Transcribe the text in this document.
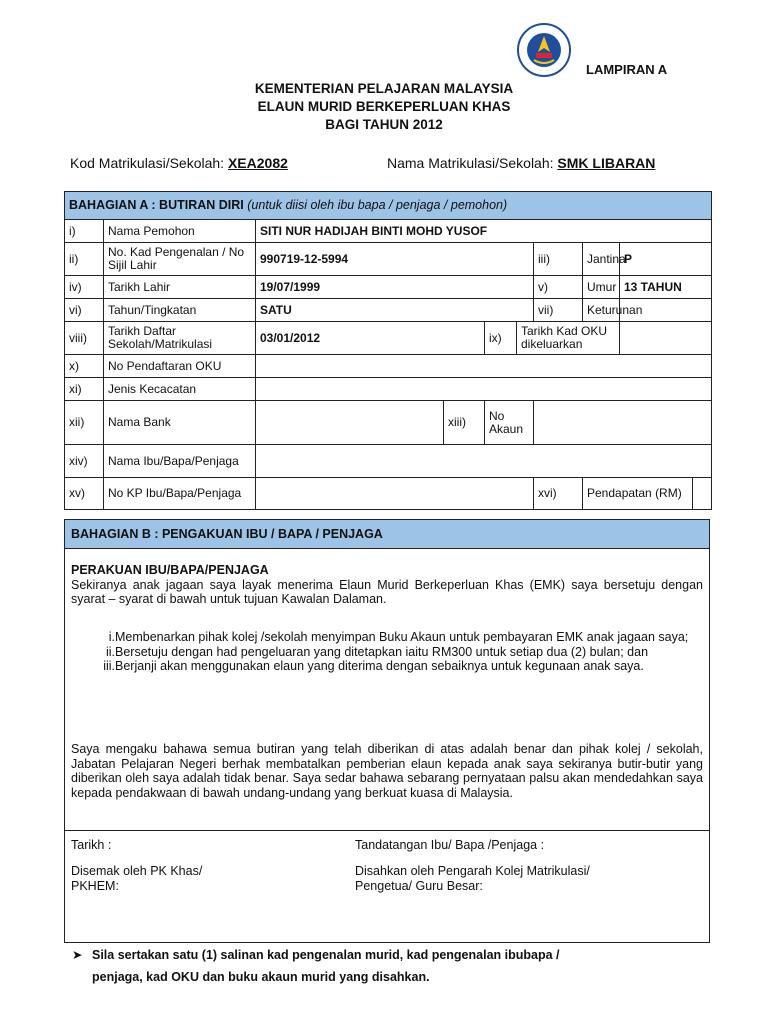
LAMPIRAN A
KEMENTERIAN PELAJARAN MALAYSIA
ELAUN MURID BERKEPERLUAN KHAS
BAGI TAHUN 2012
Kod Matrikulasi/Sekolah: XEA2082	Nama Matrikulasi/Sekolah: SMK LIBARAN
BAHAGIAN A : BUTIRAN DIRI (untuk diisi oleh ibu bapa / penjaga / pemohon)									
i)	Nama Pemohon	SITI NUR HADIJAH BINTI MOHD YUSOF							
ii)	No. Kad Pengenalan / No Sijil Lahir	990719-12-5994				iii)	Jantina	P	
iv)	Tarikh Lahir	19/07/1999				v)	Umur	13 TAHUN	
vi)	Tahun/Tingkatan	SATU				vii)	Keturunan		
viii)	Tarikh Daftar Sekolah/Matrikulasi	03/01/2012		ix)	Tarikh Kad OKU dikeluarkan				
x)	No Pendaftaran OKU								
xi)	Jenis Kecacatan								
xii)	Nama Bank		xiii)	No Akaun					
xiv)	Nama Ibu/Bapa/Penjaga								
xv)	No KP Ibu/Bapa/Penjaga					xvi)	Pendapatan (RM)		
BAHAGIAN B : PENGAKUAN IBU / BAPA / PENJAGA
PERAKUAN IBU/BAPA/PENJAGA
Sekiranya anak jagaan saya layak menerima Elaun Murid Berkeperluan Khas (EMK) saya bersetuju dengan syarat – syarat di bawah untuk tujuan Kawalan Dalaman.
i. Membenarkan pihak kolej /sekolah menyimpan Buku Akaun untuk pembayaran EMK anak jagaan saya;
ii. Bersetuju dengan had pengeluaran yang ditetapkan iaitu RM300 untuk setiap dua (2) bulan; dan
iii. Berjanji akan menggunakan elaun yang diterima dengan sebaiknya untuk kegunaan anak saya.
Saya mengaku bahawa semua butiran yang telah diberikan di atas adalah benar dan pihak kolej / sekolah, Jabatan Pelajaran Negeri berhak membatalkan pemberian elaun kepada anak saya sekiranya butir-butir yang diberikan oleh saya adalah tidak benar. Saya sedar bahawa sebarang pernyataan palsu akan mendedahkan saya kepada pendakwaan di bawah undang-undang yang berkuat kuasa di Malaysia.
Tarikh :	Tandatangan Ibu/ Bapa /Penjaga :
Disemak oleh PK Khas/
PKHEM:
Disahkan oleh Pengarah Kolej Matrikulasi/
Pengetua/ Guru Besar:
➤ Sila sertakan satu (1) salinan kad pengenalan murid, kad pengenalan ibubapa /
penjaga, kad OKU dan buku akaun murid yang disahkan.
